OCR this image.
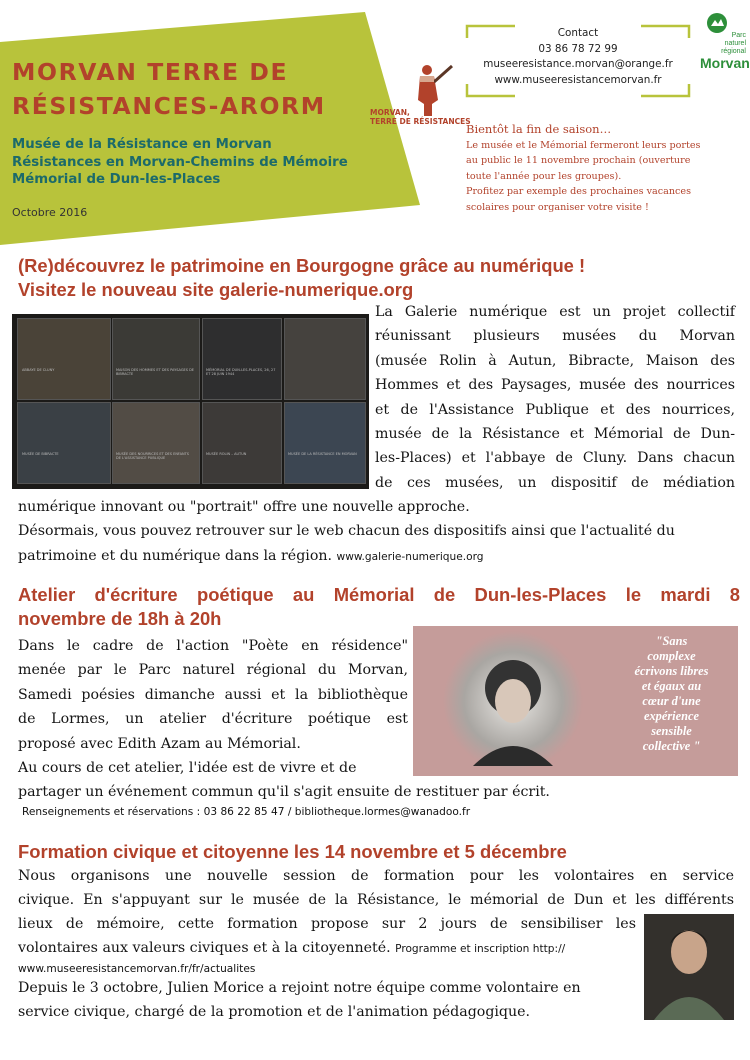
MORVAN TERRE DE
RÉSISTANCES-ARORM
Musée de la Résistance en Morvan
Résistances en Morvan-Chemins de Mémoire
Mémorial de Dun-les-Places
Octobre 2016
MORVAN,
TERRE DE RÉSISTANCES
Contact
03 86 78 72 99
museeresistance.morvan@orange.fr
www.museeresistancemorvan.fr
Parc
naturel
régional
Morvan
Bientôt la fin de saison…
Le musée et le Mémorial fermeront leurs portes
au public le 11 novembre prochain (ouverture
toute l'année pour les groupes).
Profitez par exemple des prochaines vacances
scolaires pour organiser votre visite !
(Re)découvrez le patrimoine en Bourgogne grâce au numérique !
Visitez le nouveau site galerie-numerique.org
ABBAYE DE CLUNY	MAISON DES HOMMES ET DES PAYSAGES DE BIBRACTE
MÉMORIAL DE DUN-LES-PLACES, 26, 27 ET 28 JUIN 1944
MUSÉE DE BIBRACTE	MUSÉE DES NOURRICES ET DES ENFANTS DE L'ASSISTANCE PUBLIQUE
MUSÉE ROLIN – AUTUN	MUSÉE DE LA RÉSISTANCE EN MORVAN

La Galerie numérique est un projet collectif

réunissant plusieurs musées du Morvan

(musée Rolin à Autun, Bibracte, Maison des

Hommes et des Paysages, musée des nourrices

et de l'Assistance Publique et des nourrices,

musée de la Résistance et Mémorial de Dun-

les-Places) et l'abbaye de Cluny. Dans chacun

de ces musées, un dispositif de médiation

numérique innovant ou "portrait" offre une nouvelle approche.

Désormais, vous pouvez retrouver sur le web chacun des dispositifs ainsi que l'actualité du

patrimoine et du numérique dans la région. www.galerie-numerique.org

Atelier d'écriture poétique au Mémorial de Dun-les-Places le mardi 8
novembre de 18h à 20h

Dans le cadre de l'action "Poète en résidence"

menée par le Parc naturel régional du Morvan,

Samedi poésies dimanche aussi et la bibliothèque

de Lormes, un atelier d'écriture poétique est

proposé avec Edith Azam au Mémorial.

Au cours de cet atelier, l'idée est de vivre et de

partager un événement commun qu'il s'agit ensuite de restituer par écrit.

Renseignements et réservations : 03 86 22 85 47 / bibliotheque.lormes@wanadoo.fr
"Sans
complexe
écrivons libres
et égaux au
cœur d'une
expérience
sensible
collective "
Formation civique et citoyenne les 14 novembre et 5 décembre

Nous organisons une nouvelle session de formation pour les volontaires en service

civique. En s'appuyant sur le musée de la Résistance, le mémorial de Dun et les différents

lieux de mémoire, cette formation propose sur 2 jours de sensibiliser les

volontaires aux valeurs civiques et à la citoyenneté. Programme et inscription http://

www.museeresistancemorvan.fr/fr/actualites

Depuis le 3 octobre, Julien Morice a rejoint notre équipe comme volontaire en

service civique, chargé de la promotion et de l'animation pédagogique.
